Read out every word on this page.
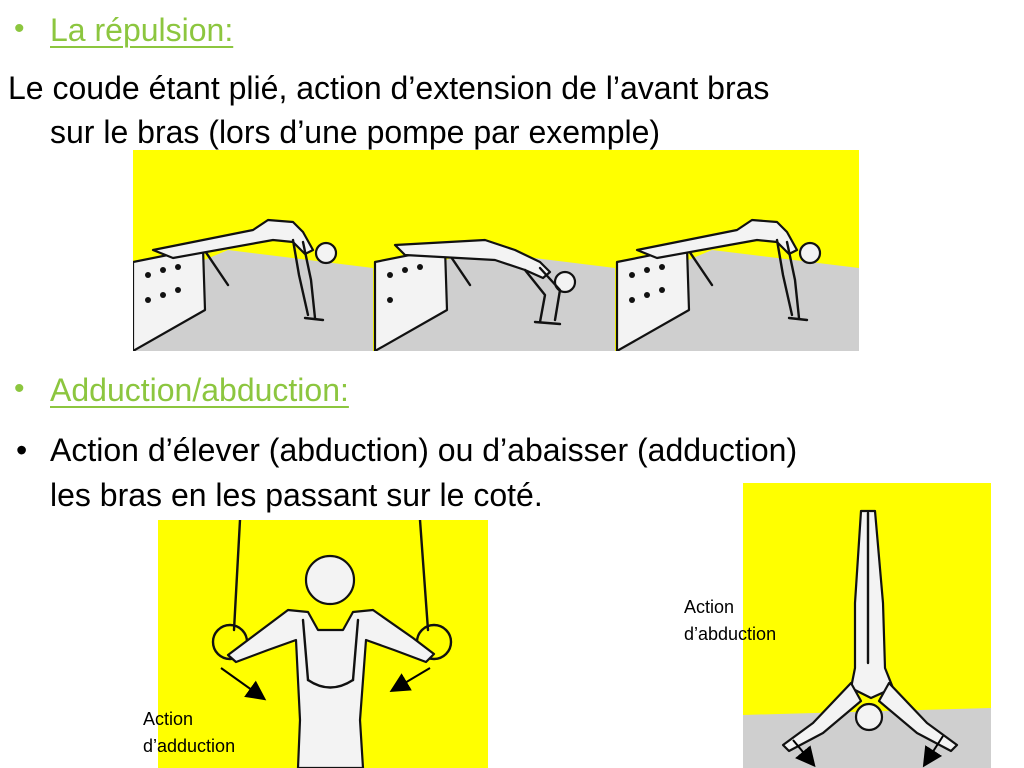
• La répulsion:
Le coude étant plié, action d’extension de l’avant bras
sur le bras (lors d’une pompe par exemple)
• Adduction/abduction:
• Action d’élever (abduction) ou d’abaisser (adduction)
les bras en les passant sur le coté.
Action
d’adduction
Action
d’abduction
